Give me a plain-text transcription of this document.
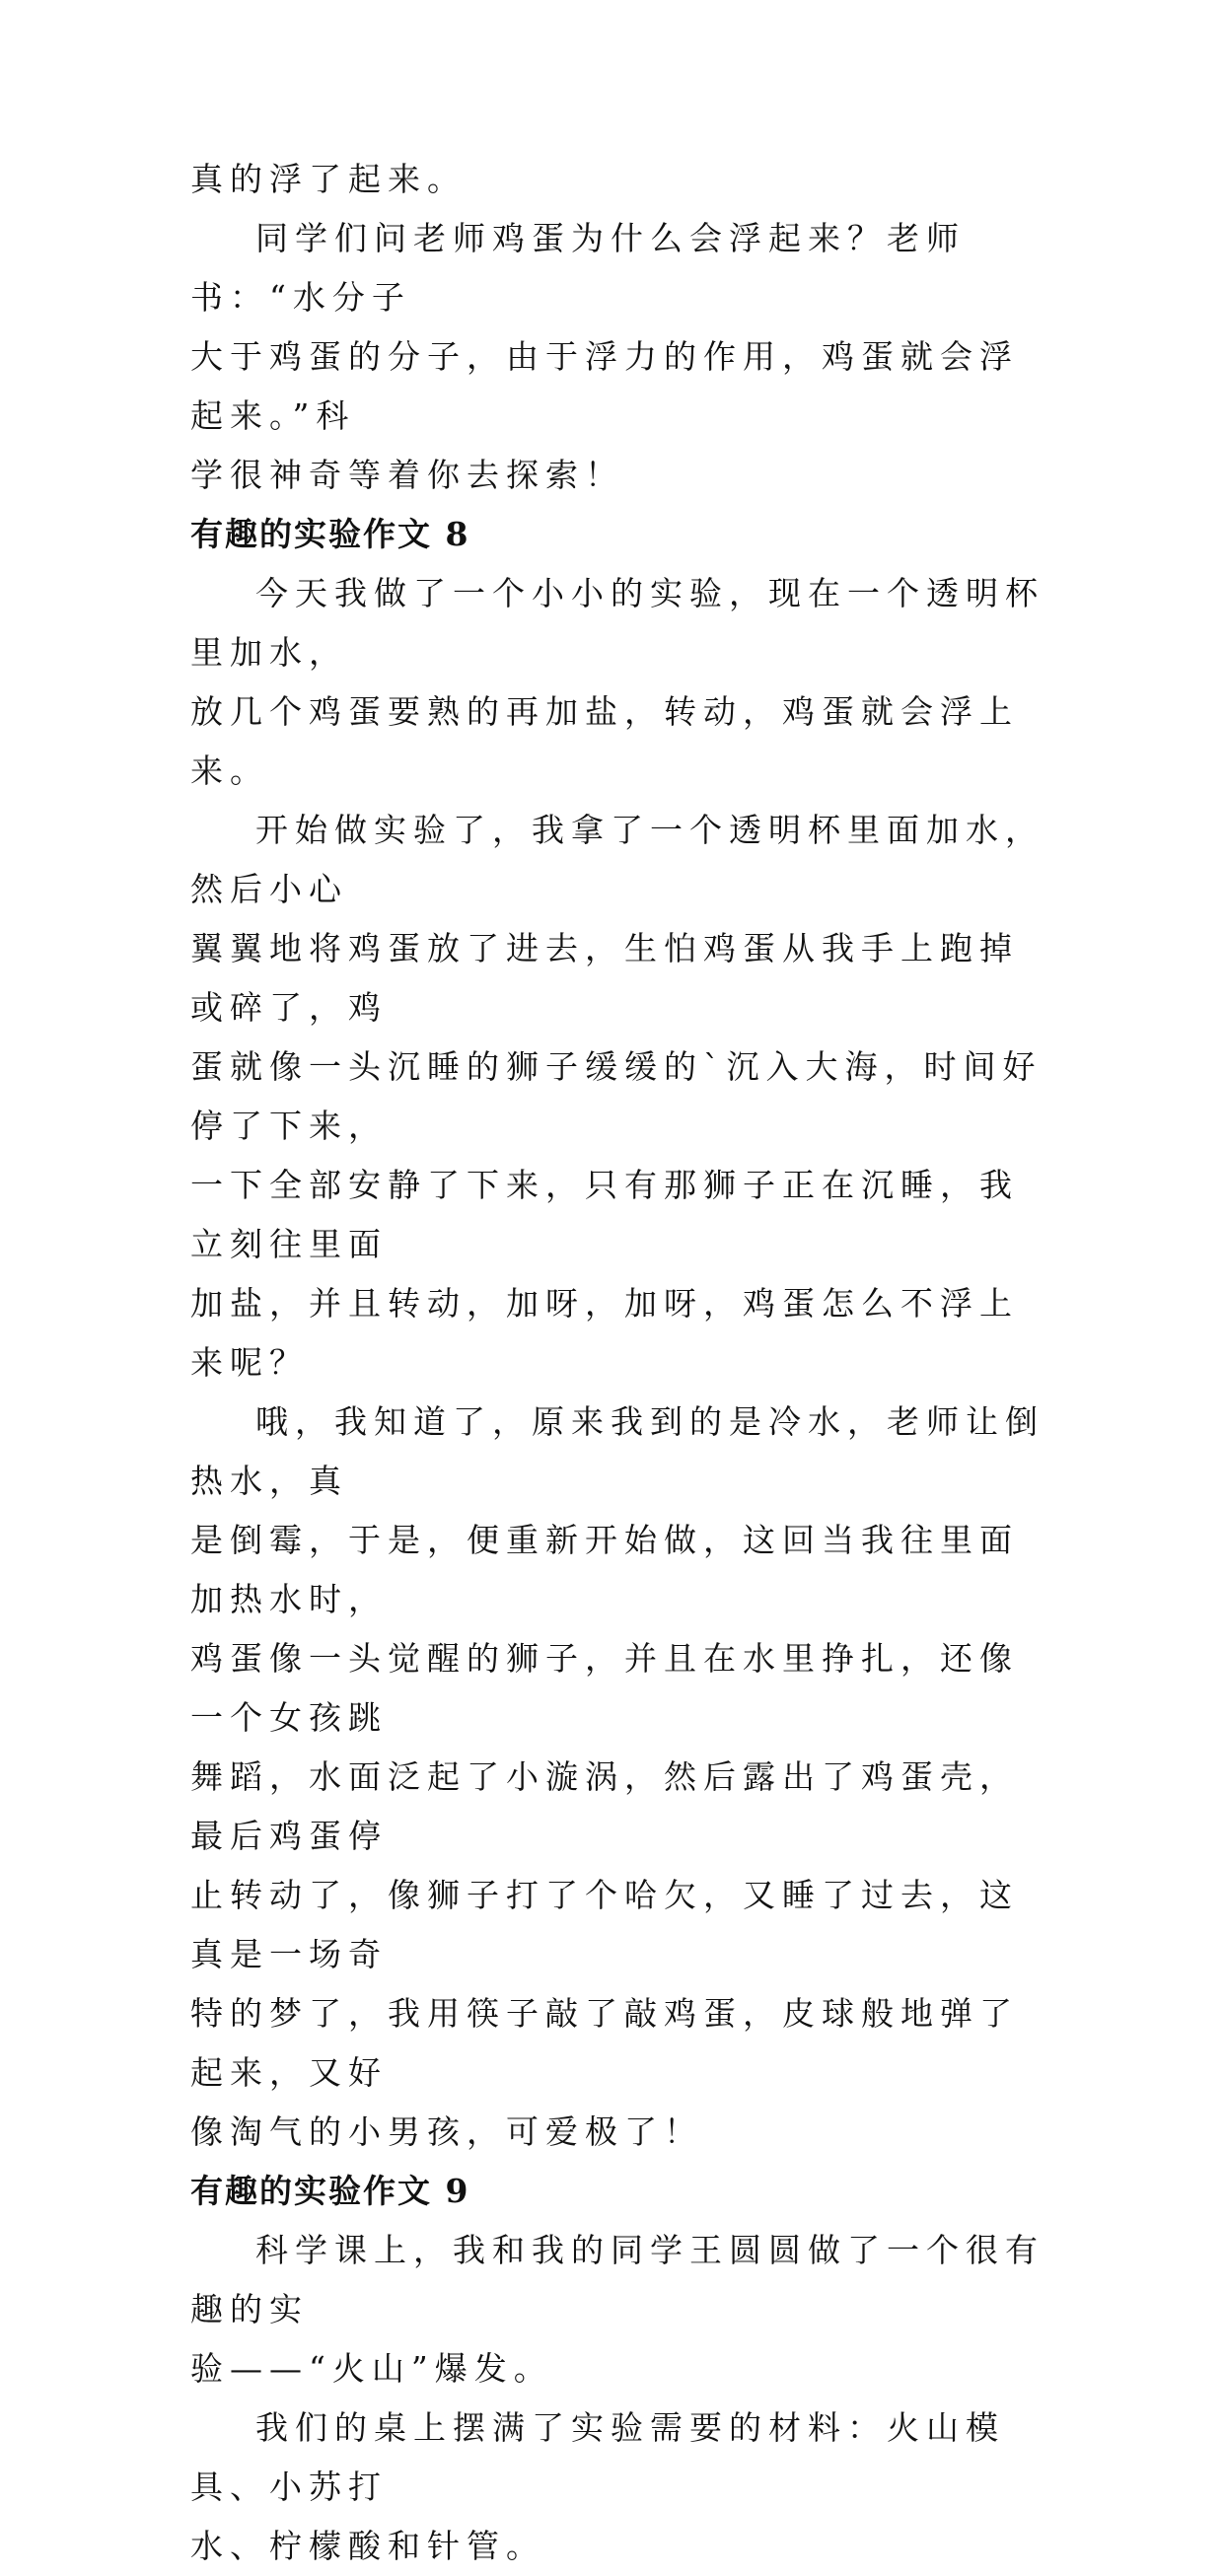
真的浮了起来。

同学们问老师鸡蛋为什么会浮起来？老师书：“水分子
大于鸡蛋的分子，由于浮力的作用，鸡蛋就会浮起来。”科
学很神奇等着你去探索！

有趣的实验作文 8

今天我做了一个小小的实验，现在一个透明杯里加水，
放几个鸡蛋要熟的再加盐，转动，鸡蛋就会浮上来。

开始做实验了，我拿了一个透明杯里面加水，然后小心
翼翼地将鸡蛋放了进去，生怕鸡蛋从我手上跑掉或碎了，鸡
蛋就像一头沉睡的狮子缓缓的`沉入大海，时间好停了下来，
一下全部安静了下来，只有那狮子正在沉睡，我立刻往里面
加盐，并且转动，加呀，加呀，鸡蛋怎么不浮上来呢？

哦，我知道了，原来我到的是冷水，老师让倒热水，真
是倒霉，于是，便重新开始做，这回当我往里面加热水时，
鸡蛋像一头觉醒的狮子，并且在水里挣扎，还像一个女孩跳
舞蹈，水面泛起了小漩涡，然后露出了鸡蛋壳，最后鸡蛋停
止转动了，像狮子打了个哈欠，又睡了过去，这真是一场奇
特的梦了，我用筷子敲了敲鸡蛋，皮球般地弹了起来，又好
像淘气的小男孩，可爱极了！

有趣的实验作文 9

科学课上，我和我的同学王圆圆做了一个很有趣的实
验——“火山”爆发。

我们的桌上摆满了实验需要的材料：火山模具、小苏打
水、柠檬酸和针管。
